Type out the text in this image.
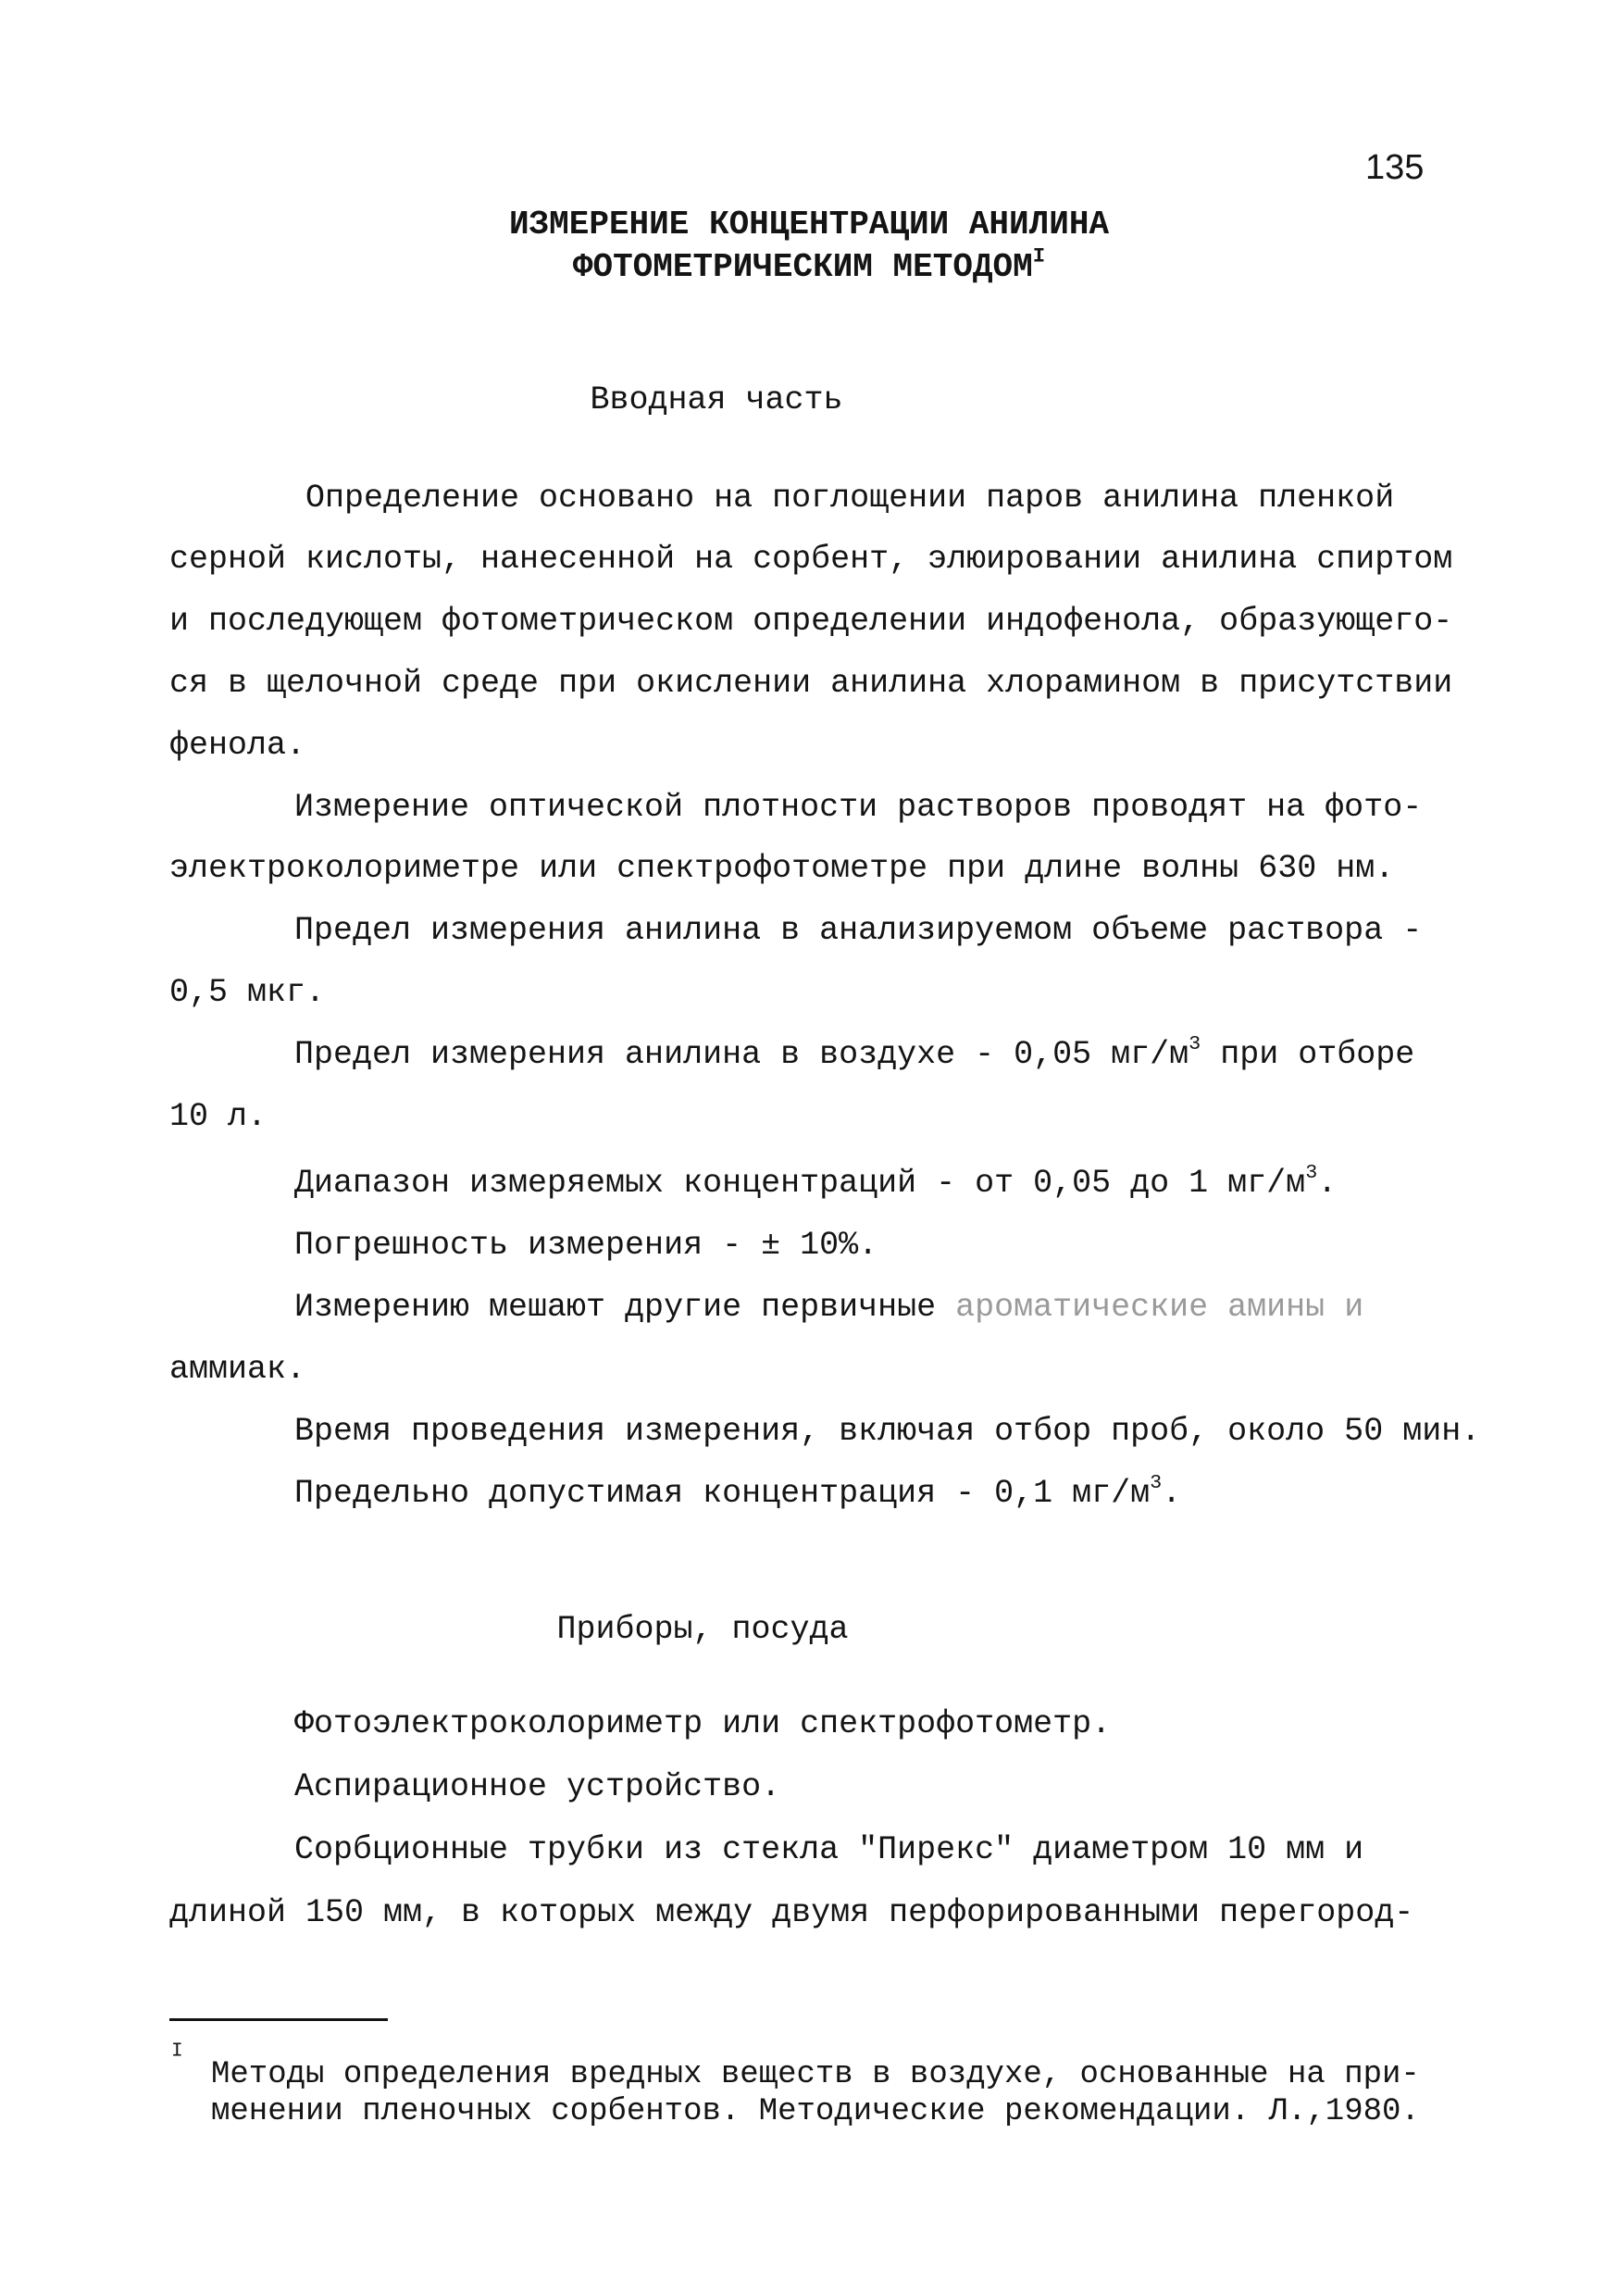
135
ИЗМЕРЕНИЕ КОНЦЕНТРАЦИИ АНИЛИНА
ФОТОМЕТРИЧЕСКИМ $МЕТОДОМ^I$
Вводная часть

Определение основано на поглощении паров анилина пленкой

серной кислоты, нанесенной на сорбент, элюировании анилина спиртом

и последующем фотометрическом определении индофенола, образующего-

ся в щелочной среде при окислении анилина хлорамином в присутствии

фенола.

Измерение оптической плотности растворов проводят на фото-

электроколориметре или спектрофотометре при длине волны 630 нм.

Предел измерения анилина в анализируемом объеме раствора -

0,5 мкг.

Предел измерения анилина в воздухе - 0,05 $мг/м^3$ при отборе

10 л.

Диапазон измеряемых концентраций - от 0,05 до 1 $мг/м^3$.

Погрешность измерения - ± 10%.

Измерению мешают другие первичные ароматические амины и

аммиак.

Время проведения измерения, включая отбор проб, около 50 мин.

Предельно допустимая концентрация - 0,1 $мг/м^3$.

Приборы, посуда

Фотоэлектроколориметр или спектрофотометр.

Аспирационное устройство.

Сорбционные трубки из стекла "Пирекс" диаметром 10 мм и

длиной 150 мм, в которых между двумя перфорированными перегород-

$^I$

Методы определения вредных веществ в воздухе, основанные на при-

менении пленочных сорбентов. Методические рекомендации. Л.,1980.
